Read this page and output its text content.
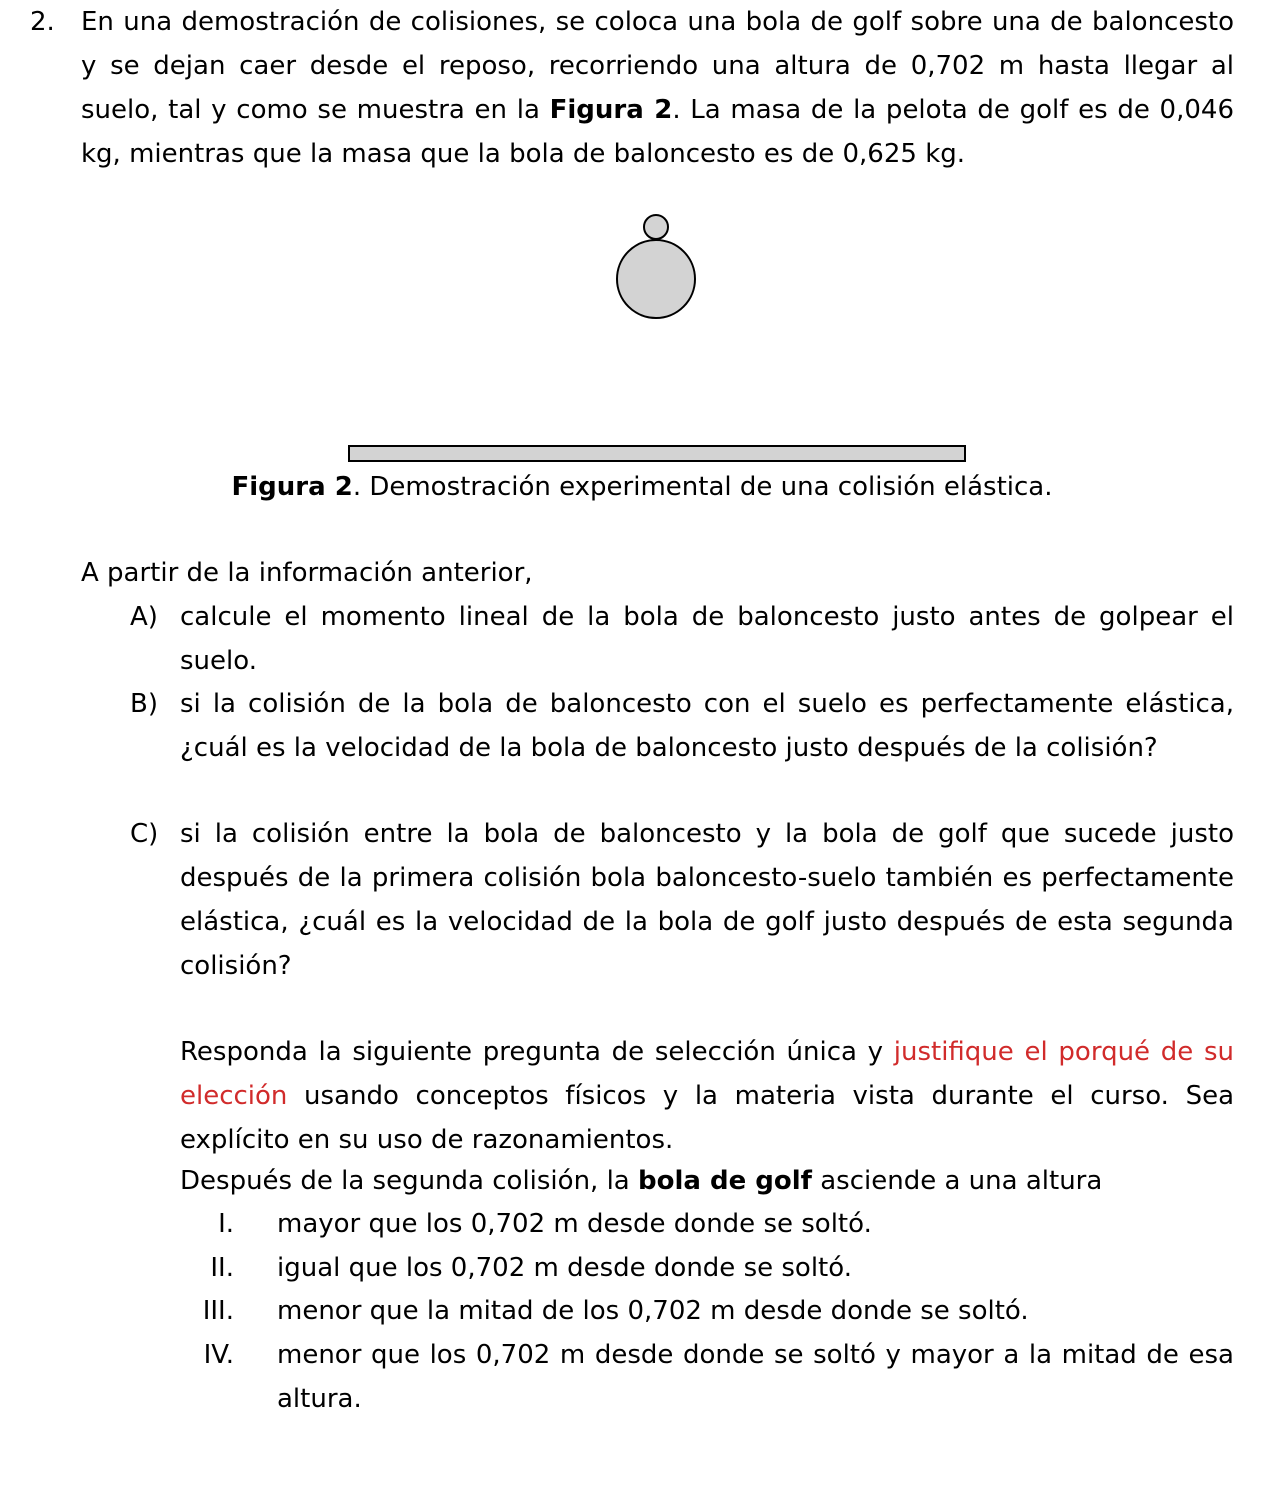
2. En una demostración de colisiones, se coloca una bola de golf sobre una de baloncesto y se dejan caer desde el reposo, recorriendo una altura de 0,702 m hasta llegar al suelo, tal y como se muestra en la Figura 2. La masa de la pelota de golf es de 0,046 kg, mientras que la masa que la bola de baloncesto es de 0,625 kg.

Figura 2. Demostración experimental de una colisión elástica.

A partir de la información anterior,

A) calcule el momento lineal de la bola de baloncesto justo antes de golpear el suelo.

B) si la colisión de la bola de baloncesto con el suelo es perfectamente elástica, ¿cuál es la velocidad de la bola de baloncesto justo después de la colisión?

C) si la colisión entre la bola de baloncesto y la bola de golf que sucede justo después de la primera colisión bola baloncesto-suelo también es perfectamente elástica, ¿cuál es la velocidad de la bola de golf justo después de esta segunda colisión?

Responda la siguiente pregunta de selección única y justifique el porqué de su elección usando conceptos físicos y la materia vista durante el curso. Sea explícito en su uso de razonamientos.

Después de la segunda colisión, la bola de golf asciende a una altura

I. mayor que los 0,702 m desde donde se soltó.

II. igual que los 0,702 m desde donde se soltó.

III. menor que la mitad de los 0,702 m desde donde se soltó.

IV. menor que los 0,702 m desde donde se soltó y mayor a la mitad de esa altura.
